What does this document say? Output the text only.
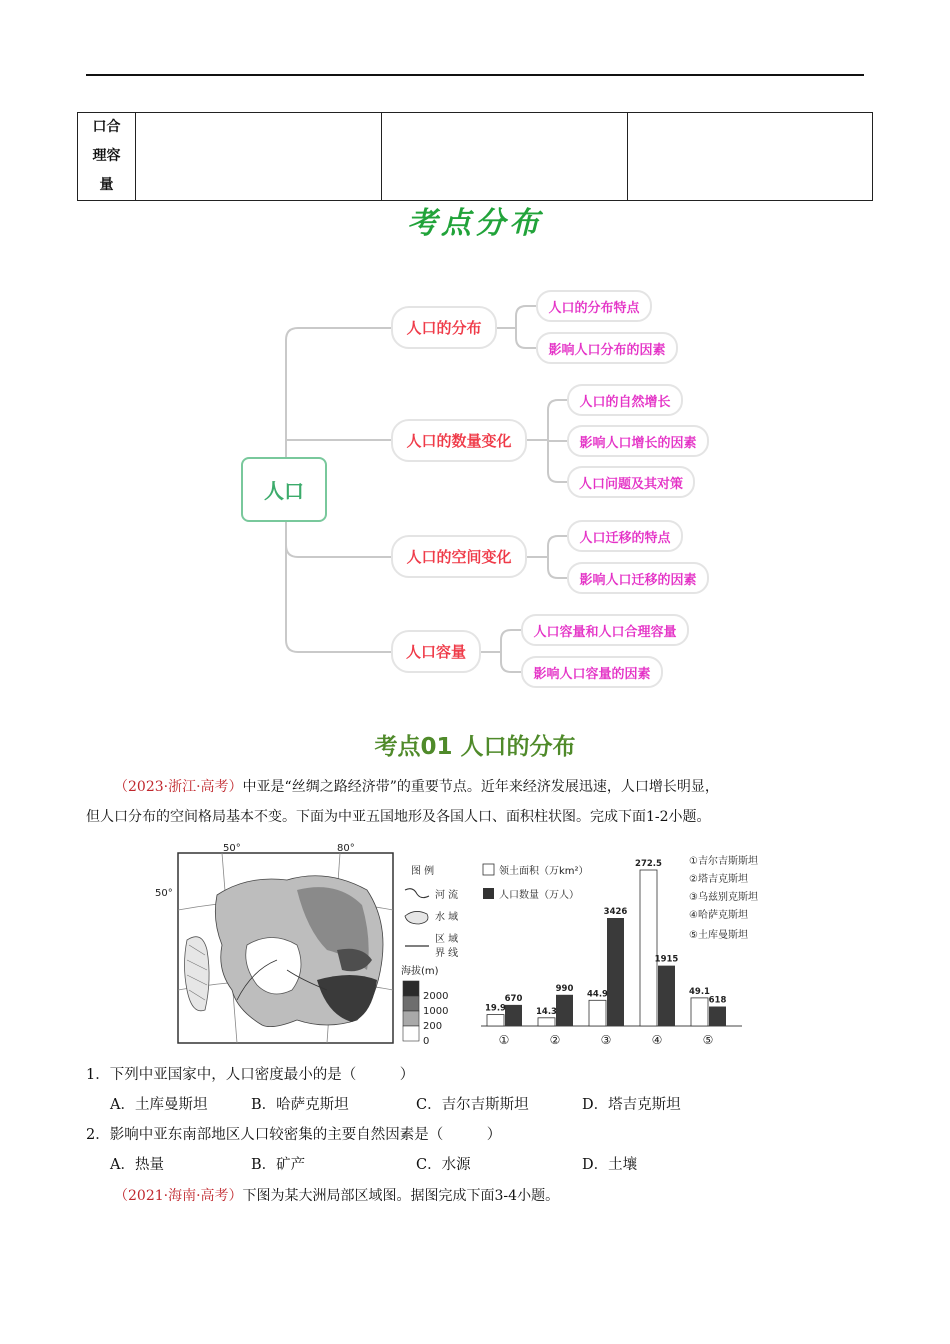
口合
理容
量

考点分布
人口
人口的分布
人口的分布特点
影响人口分布的因素
人口的数量变化
人口的自然增长
影响人口增长的因素
人口问题及其对策
人口的空间变化
人口迁移的特点
影响人口迁移的因素
人口容量
人口容量和人口合理容量
影响人口容量的因素
考点01 人口的分布
（2023·浙江·高考）中亚是“丝绸之路经济带”的重要节点。近年来经济发展迅速，人口增长明显，
但人口分布的空间格局基本不变。下面为中亚五国地形及各国人口、面积柱状图。完成下面1-2小题。
50°	80°
50°
图 例
河 流
水 域
区 域
界 线
海拔(m)
2000
1000
200
0
领土面积（万km²）
人口数量（万人）
①吉尔吉斯斯坦
②塔吉克斯坦
③乌兹别克斯坦
④哈萨克斯坦
⑤土库曼斯坦
19.9
670
①
14.3
990
②
44.9
3426
③
272.5
1915
④
49.1
618
⑤
1．下列中亚国家中，人口密度最小的是（　　　）
A．土库曼斯坦	B．哈萨克斯坦	C．吉尔吉斯斯坦	D．塔吉克斯坦
2．影响中亚东南部地区人口较密集的主要自然因素是（　　　）
A．热量	B．矿产	C．水源	D．土壤
（2021·海南·高考）下图为某大洲局部区域图。据图完成下面3-4小题。
